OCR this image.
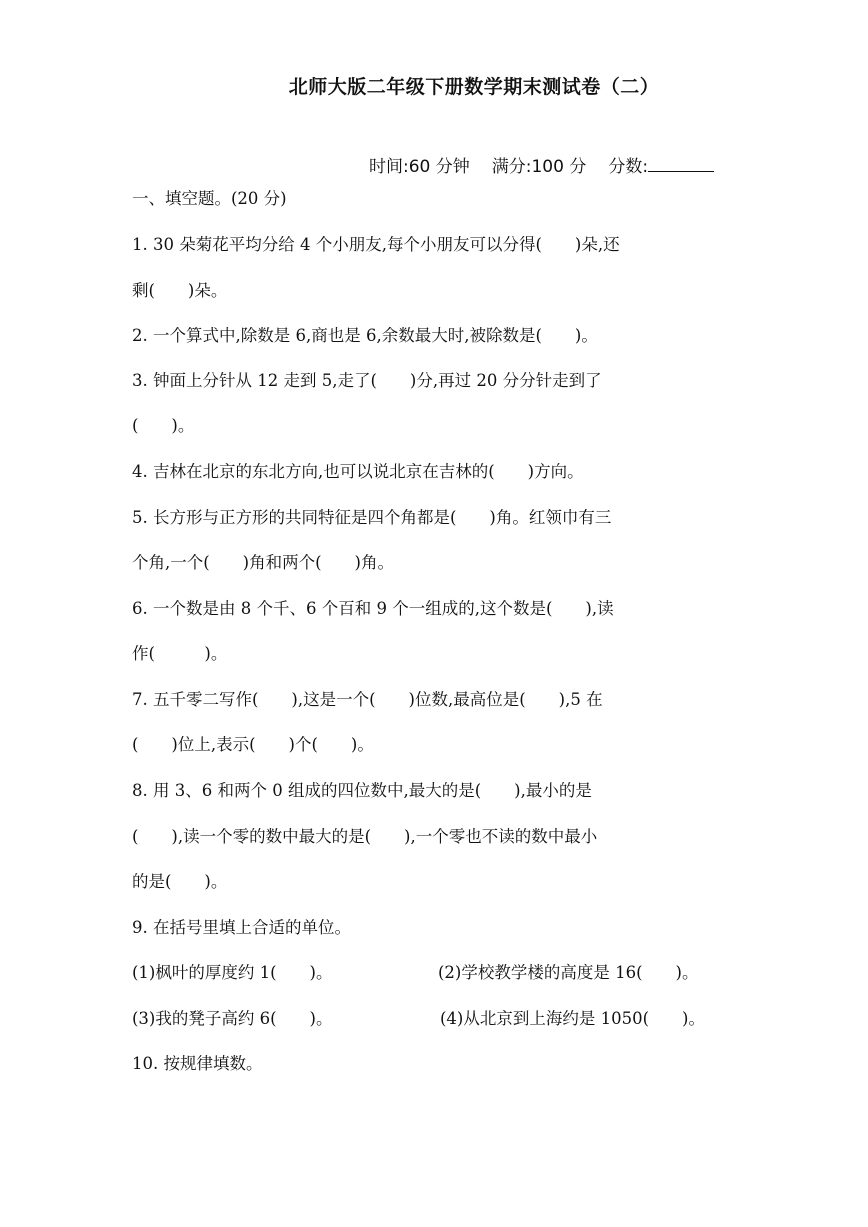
北师大版二年级下册数学期末测试卷（二）
时间:60 分钟 满分:100 分 分数:
一、填空题。(20 分)
1. 30 朵菊花平均分给 4 个小朋友,每个小朋友可以分得(　　)朵,还
剩(　　)朵。
2. 一个算式中,除数是 6,商也是 6,余数最大时,被除数是(　　)。
3. 钟面上分针从 12 走到 5,走了(　　)分,再过 20 分分针走到了
(　　)。
4. 吉林在北京的东北方向,也可以说北京在吉林的(　　)方向。
5. 长方形与正方形的共同特征是四个角都是(　　)角。红领巾有三
个角,一个(　　)角和两个(　　)角。
6. 一个数是由 8 个千、6 个百和 9 个一组成的,这个数是(　　),读
作(　　　)。
7. 五千零二写作(　　),这是一个(　　)位数,最高位是(　　),5 在
(　　)位上,表示(　　)个(　　)。
8. 用 3、6 和两个 0 组成的四位数中,最大的是(　　),最小的是
(　　),读一个零的数中最大的是(　　),一个零也不读的数中最小
的是(　　)。
9. 在括号里填上合适的单位。
(1)枫叶的厚度约 1(　　)。	(2)学校教学楼的高度是 16(　　)。
(3)我的凳子高约 6(　　)。	(4)从北京到上海约是 1050(　　)。
10. 按规律填数。
